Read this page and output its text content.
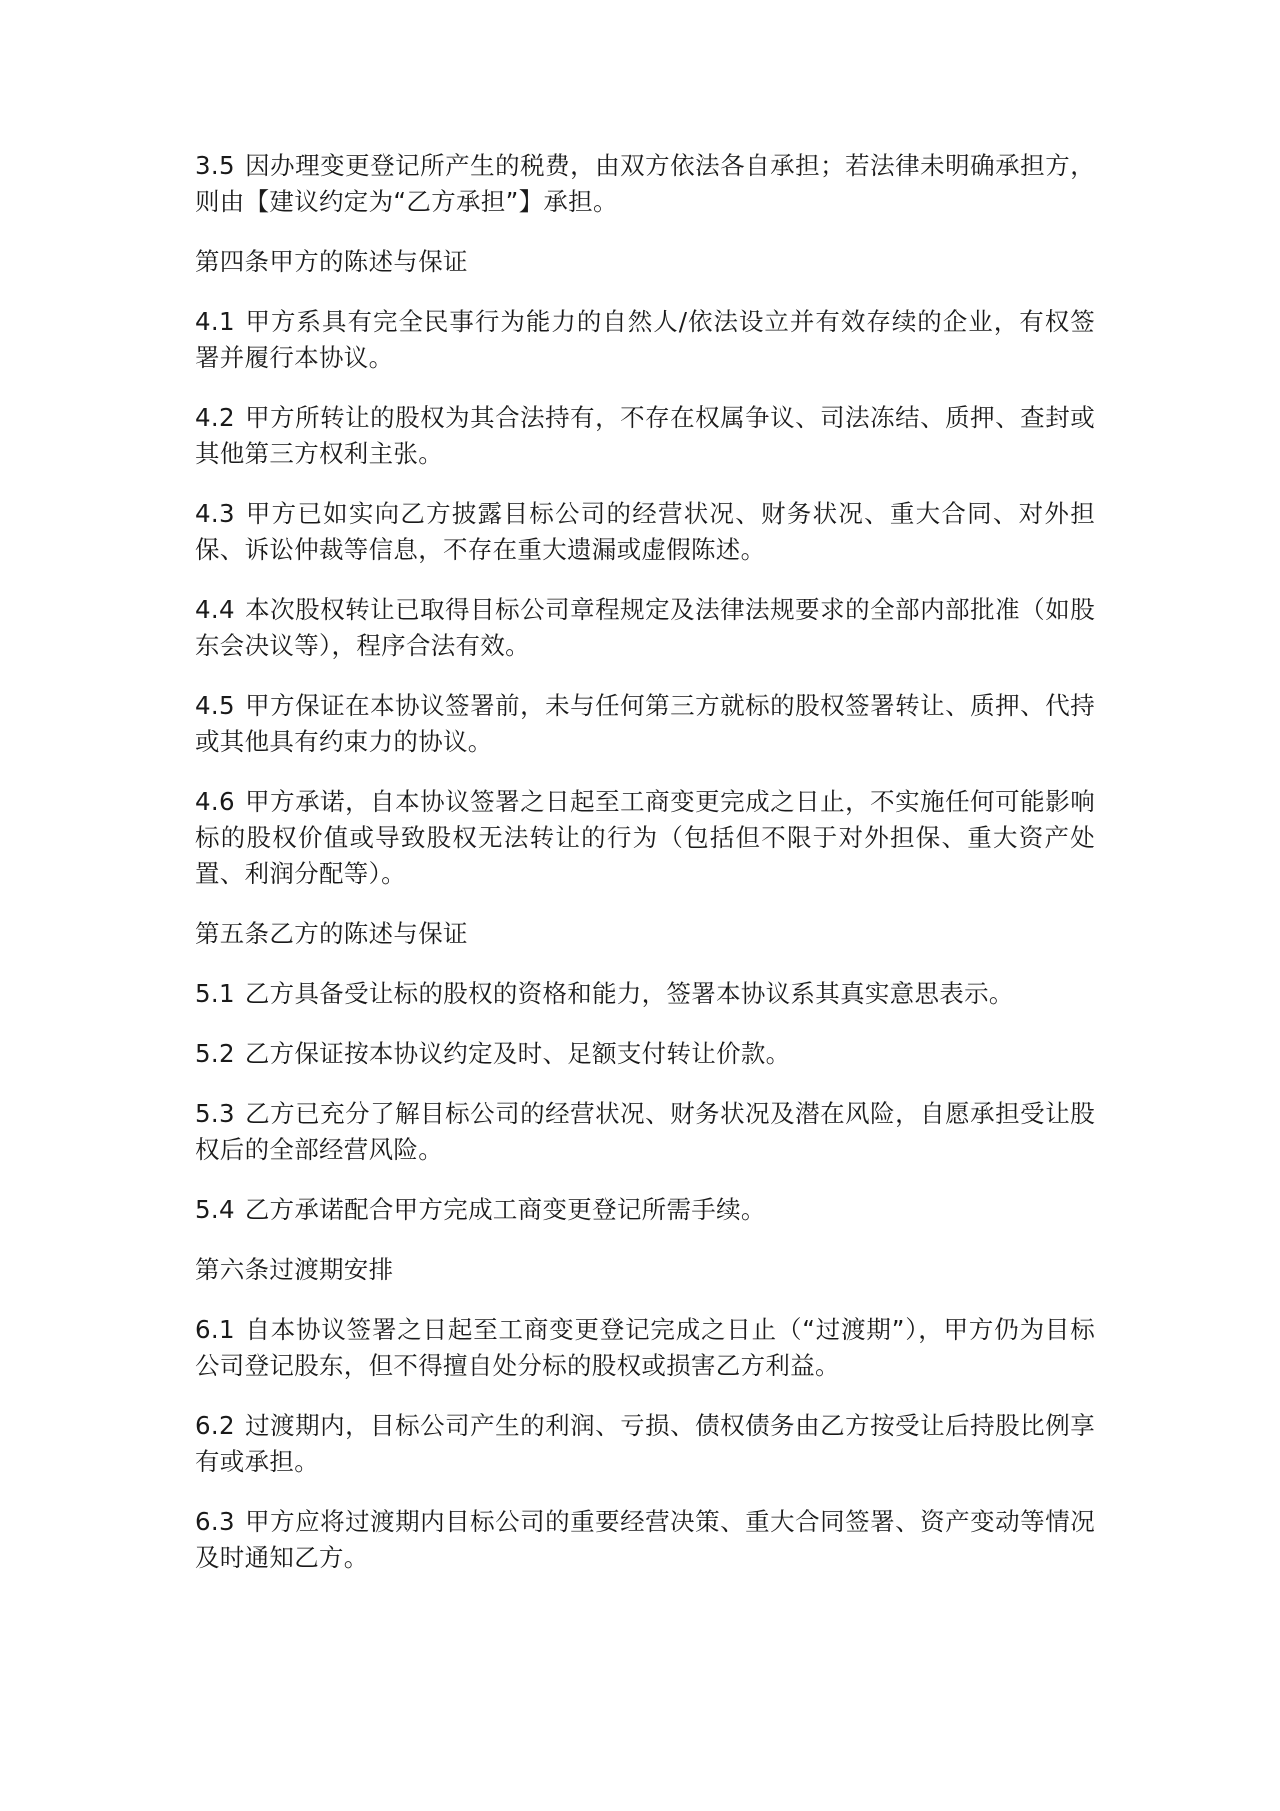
3.5 因办理变更登记所产生的税费，由双方依法各自承担；若法律未明确承担方，则由【建议约定为“乙方承担”】承担。

第四条甲方的陈述与保证

4.1 甲方系具有完全民事行为能力的自然人/依法设立并有效存续的企业，有权签署并履行本协议。

4.2 甲方所转让的股权为其合法持有，不存在权属争议、司法冻结、质押、查封或其他第三方权利主张。

4.3 甲方已如实向乙方披露目标公司的经营状况、财务状况、重大合同、对外担保、诉讼仲裁等信息，不存在重大遗漏或虚假陈述。

4.4 本次股权转让已取得目标公司章程规定及法律法规要求的全部内部批准（如股东会决议等），程序合法有效。

4.5 甲方保证在本协议签署前，未与任何第三方就标的股权签署转让、质押、代持或其他具有约束力的协议。

4.6 甲方承诺，自本协议签署之日起至工商变更完成之日止，不实施任何可能影响标的股权价值或导致股权无法转让的行为（包括但不限于对外担保、重大资产处置、利润分配等）。

第五条乙方的陈述与保证

5.1 乙方具备受让标的股权的资格和能力，签署本协议系其真实意思表示。

5.2 乙方保证按本协议约定及时、足额支付转让价款。

5.3 乙方已充分了解目标公司的经营状况、财务状况及潜在风险，自愿承担受让股权后的全部经营风险。

5.4 乙方承诺配合甲方完成工商变更登记所需手续。

第六条过渡期安排

6.1 自本协议签署之日起至工商变更登记完成之日止（“过渡期”），甲方仍为目标公司登记股东，但不得擅自处分标的股权或损害乙方利益。

6.2 过渡期内，目标公司产生的利润、亏损、债权债务由乙方按受让后持股比例享有或承担。

6.3 甲方应将过渡期内目标公司的重要经营决策、重大合同签署、资产变动等情况及时通知乙方。
